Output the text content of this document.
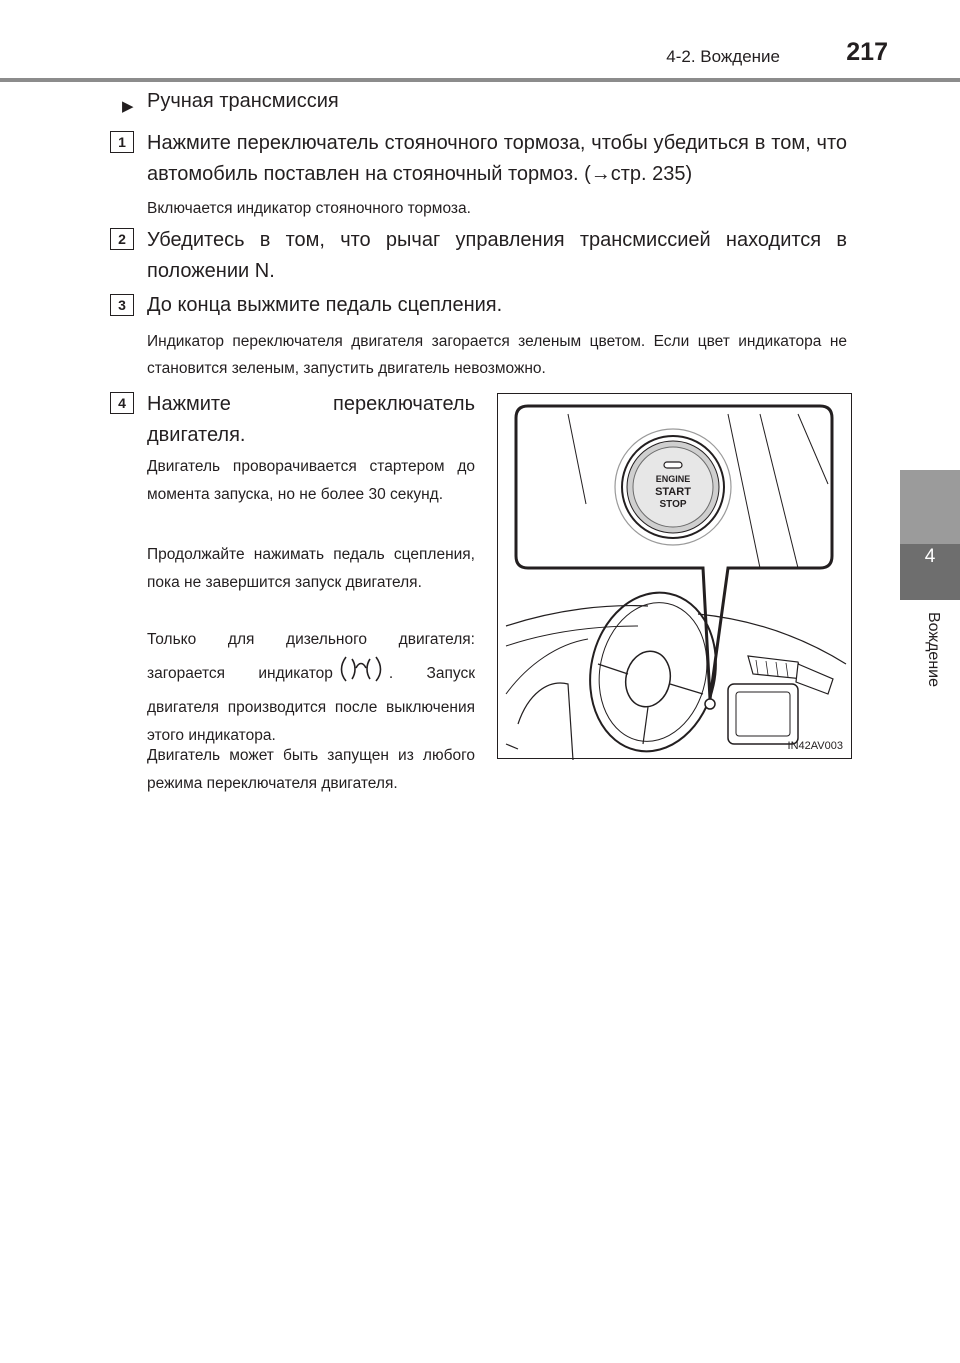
4-2. Вождение	217
4
Вождение
▶ Ручная трансмиссия
1	Нажмите переключатель стояночного тормоза, чтобы убедиться в том, что автомобиль поставлен на стояночный тормоз. (→стр. 235)
Включается индикатор стояночного тормоза.
2	Убедитесь в том, что рычаг управления трансмиссией находится в положении N.
3	До конца выжмите педаль сцепления.
Индикатор переключателя двигателя загорается зеленым цветом. Если цвет индикатора не становится зеленым, запустить двигатель невозможно.
4	Нажмите переключатель двигателя.
Двигатель проворачивается стартером до момента запуска, но не более 30 секунд.
Продолжайте нажимать педаль сцепления, пока не завершится запуск двигателя.
Только для дизельного двигателя: загорается индикатор	. Запуск двигателя производится после выключения этого индикатора.
Двигатель может быть запущен из любого режима переключателя двигателя.
ENGINE
START
STOP
IN42AV003
